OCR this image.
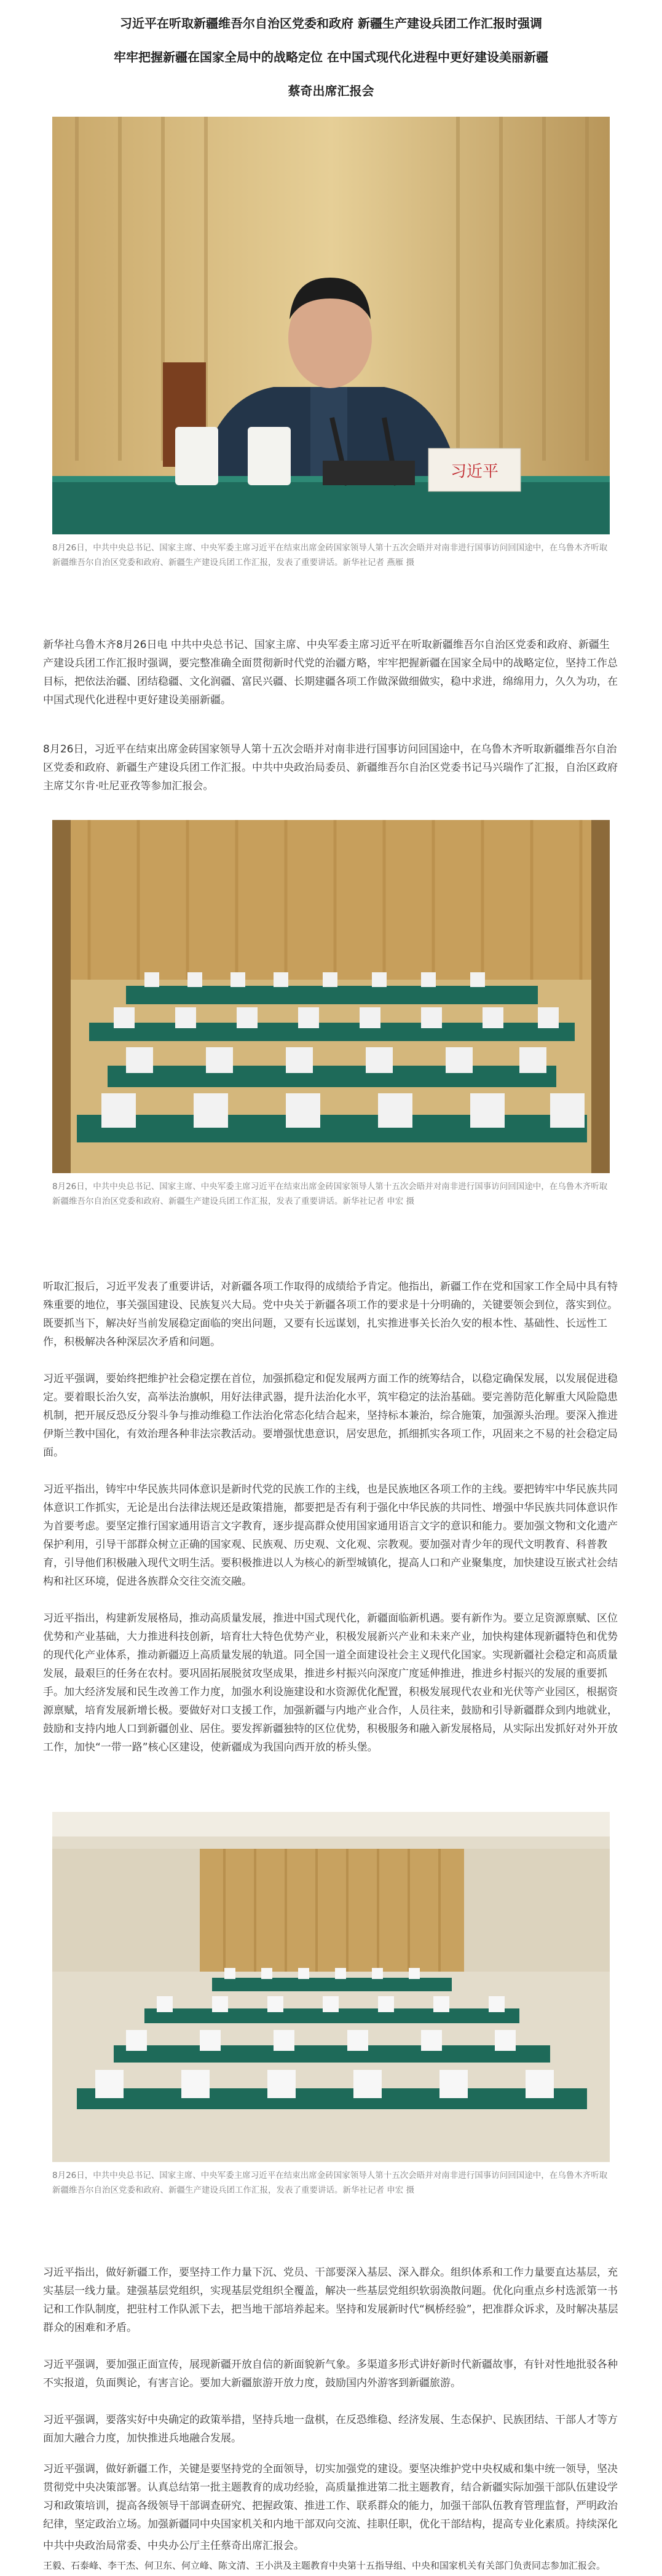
习近平在听取新疆维吾尔自治区党委和政府 新疆生产建设兵团工作汇报时强调
牢牢把握新疆在国家全局中的战略定位 在中国式现代化进程中更好建设美丽新疆
蔡奇出席汇报会
习近平
8月26日，中共中央总书记、国家主席、中央军委主席习近平在结束出席金砖国家领导人第十五次会晤并对南非进行国事访问回国途中，在乌鲁木齐听取新疆维吾尔自治区党委和政府、新疆生产建设兵团工作汇报，发表了重要讲话。新华社记者 燕雁 摄
新华社乌鲁木齐8月26日电 中共中央总书记、国家主席、中央军委主席习近平在听取新疆维吾尔自治区党委和政府、新疆生产建设兵团工作汇报时强调，要完整准确全面贯彻新时代党的治疆方略，牢牢把握新疆在国家全局中的战略定位，坚持工作总目标，把依法治疆、团结稳疆、文化润疆、富民兴疆、长期建疆各项工作做深做细做实，稳中求进，绵绵用力，久久为功，在中国式现代化进程中更好建设美丽新疆。
8月26日，习近平在结束出席金砖国家领导人第十五次会晤并对南非进行国事访问回国途中，在乌鲁木齐听取新疆维吾尔自治区党委和政府、新疆生产建设兵团工作汇报。中共中央政治局委员、新疆维吾尔自治区党委书记马兴瑞作了汇报，自治区政府主席艾尔肯·吐尼亚孜等参加汇报会。
8月26日，中共中央总书记、国家主席、中央军委主席习近平在结束出席金砖国家领导人第十五次会晤并对南非进行国事访问回国途中，在乌鲁木齐听取新疆维吾尔自治区党委和政府、新疆生产建设兵团工作汇报，发表了重要讲话。新华社记者 申宏 摄
听取汇报后，习近平发表了重要讲话，对新疆各项工作取得的成绩给予肯定。他指出，新疆工作在党和国家工作全局中具有特殊重要的地位，事关强国建设、民族复兴大局。党中央关于新疆各项工作的要求是十分明确的，关键要领会到位，落实到位。既要抓当下，解决好当前发展稳定面临的突出问题，又要有长远谋划，扎实推进事关长治久安的根本性、基础性、长远性工作，积极解决各种深层次矛盾和问题。
习近平强调，要始终把维护社会稳定摆在首位，加强抓稳定和促发展两方面工作的统筹结合，以稳定确保发展，以发展促进稳定。要着眼长治久安，高举法治旗帜，用好法律武器，提升法治化水平，筑牢稳定的法治基础。要完善防范化解重大风险隐患机制，把开展反恐反分裂斗争与推动维稳工作法治化常态化结合起来，坚持标本兼治，综合施策，加强源头治理。要深入推进伊斯兰教中国化，有效治理各种非法宗教活动。要增强忧患意识，居安思危，抓细抓实各项工作，巩固来之不易的社会稳定局面。
习近平指出，铸牢中华民族共同体意识是新时代党的民族工作的主线，也是民族地区各项工作的主线。要把铸牢中华民族共同体意识工作抓实，无论是出台法律法规还是政策措施，都要把是否有利于强化中华民族的共同性、增强中华民族共同体意识作为首要考虑。要坚定推行国家通用语言文字教育，逐步提高群众使用国家通用语言文字的意识和能力。要加强文物和文化遗产保护利用，引导干部群众树立正确的国家观、民族观、历史观、文化观、宗教观。要加强对青少年的现代文明教育、科普教育，引导他们积极融入现代文明生活。要积极推进以人为核心的新型城镇化，提高人口和产业聚集度，加快建设互嵌式社会结构和社区环境，促进各族群众交往交流交融。
习近平指出，构建新发展格局，推动高质量发展，推进中国式现代化，新疆面临新机遇。要有新作为。要立足资源禀赋、区位优势和产业基础，大力推进科技创新，培育壮大特色优势产业，积极发展新兴产业和未来产业，加快构建体现新疆特色和优势的现代化产业体系，推动新疆迈上高质量发展的轨道。同全国一道全面建设社会主义现代化国家。实现新疆社会稳定和高质量发展，最艰巨的任务在农村。要巩固拓展脱贫攻坚成果，推进乡村振兴向深度广度延伸推进，推进乡村振兴的发展的重要抓手。加大经济发展和民生改善工作力度，加强水利设施建设和水资源优化配置，积极发展现代农业和光伏等产业园区，根据资源禀赋，培育发展新增长极。要做好对口支援工作，加强新疆与内地产业合作，人员往来，鼓励和引导新疆群众到内地就业，鼓励和支持内地人口到新疆创业、居住。要发挥新疆独特的区位优势，积极服务和融入新发展格局，从实际出发抓好对外开放工作，加快“一带一路”核心区建设，使新疆成为我国向西开放的桥头堡。
8月26日，中共中央总书记、国家主席、中央军委主席习近平在结束出席金砖国家领导人第十五次会晤并对南非进行国事访问回国途中，在乌鲁木齐听取新疆维吾尔自治区党委和政府、新疆生产建设兵团工作汇报，发表了重要讲话。新华社记者 申宏 摄
习近平指出，做好新疆工作，要坚持工作力量下沉、党员、干部要深入基层、深入群众。组织体系和工作力量要直达基层，充实基层一线力量。建强基层党组织，实现基层党组织全覆盖，解决一些基层党组织软弱涣散问题。优化向重点乡村选派第一书记和工作队制度，把驻村工作队派下去，把当地干部培养起来。坚持和发展新时代“枫桥经验”，把准群众诉求，及时解决基层群众的困难和矛盾。
习近平强调，要加强正面宣传，展现新疆开放自信的新面貌新气象。多渠道多形式讲好新时代新疆故事，有针对性地批驳各种不实报道，负面舆论，有害言论。要加大新疆旅游开放力度，鼓励国内外游客到新疆旅游。
习近平强调，要落实好中央确定的政策举措，坚持兵地一盘棋，在反恐维稳、经济发展、生态保护、民族团结、干部人才等方面加大融合力度，加快推进兵地融合发展。
习近平强调，做好新疆工作，关键是要坚持党的全面领导，切实加强党的建设。要坚决维护党中央权威和集中统一领导，坚决贯彻党中央决策部署。认真总结第一批主题教育的成功经验，高质量推进第二批主题教育，结合新疆实际加强干部队伍建设学习和政策培训，提高各级领导干部调查研究、把握政策、推进工作、联系群众的能力，加强干部队伍教育管理监督，严明政治纪律，坚定政治立场。加强新疆同中央国家机关和内地干部双向交流、挂职任职，优化干部结构，提高专业化素质。持续深化
中共中央政治局常委、中央办公厅主任蔡奇出席汇报会。
王毅、石泰峰、李干杰、何卫东、何立峰、陈文清、王小洪及主题教育中央第十五指导组、中央和国家机关有关部门负责同志参加汇报会。
